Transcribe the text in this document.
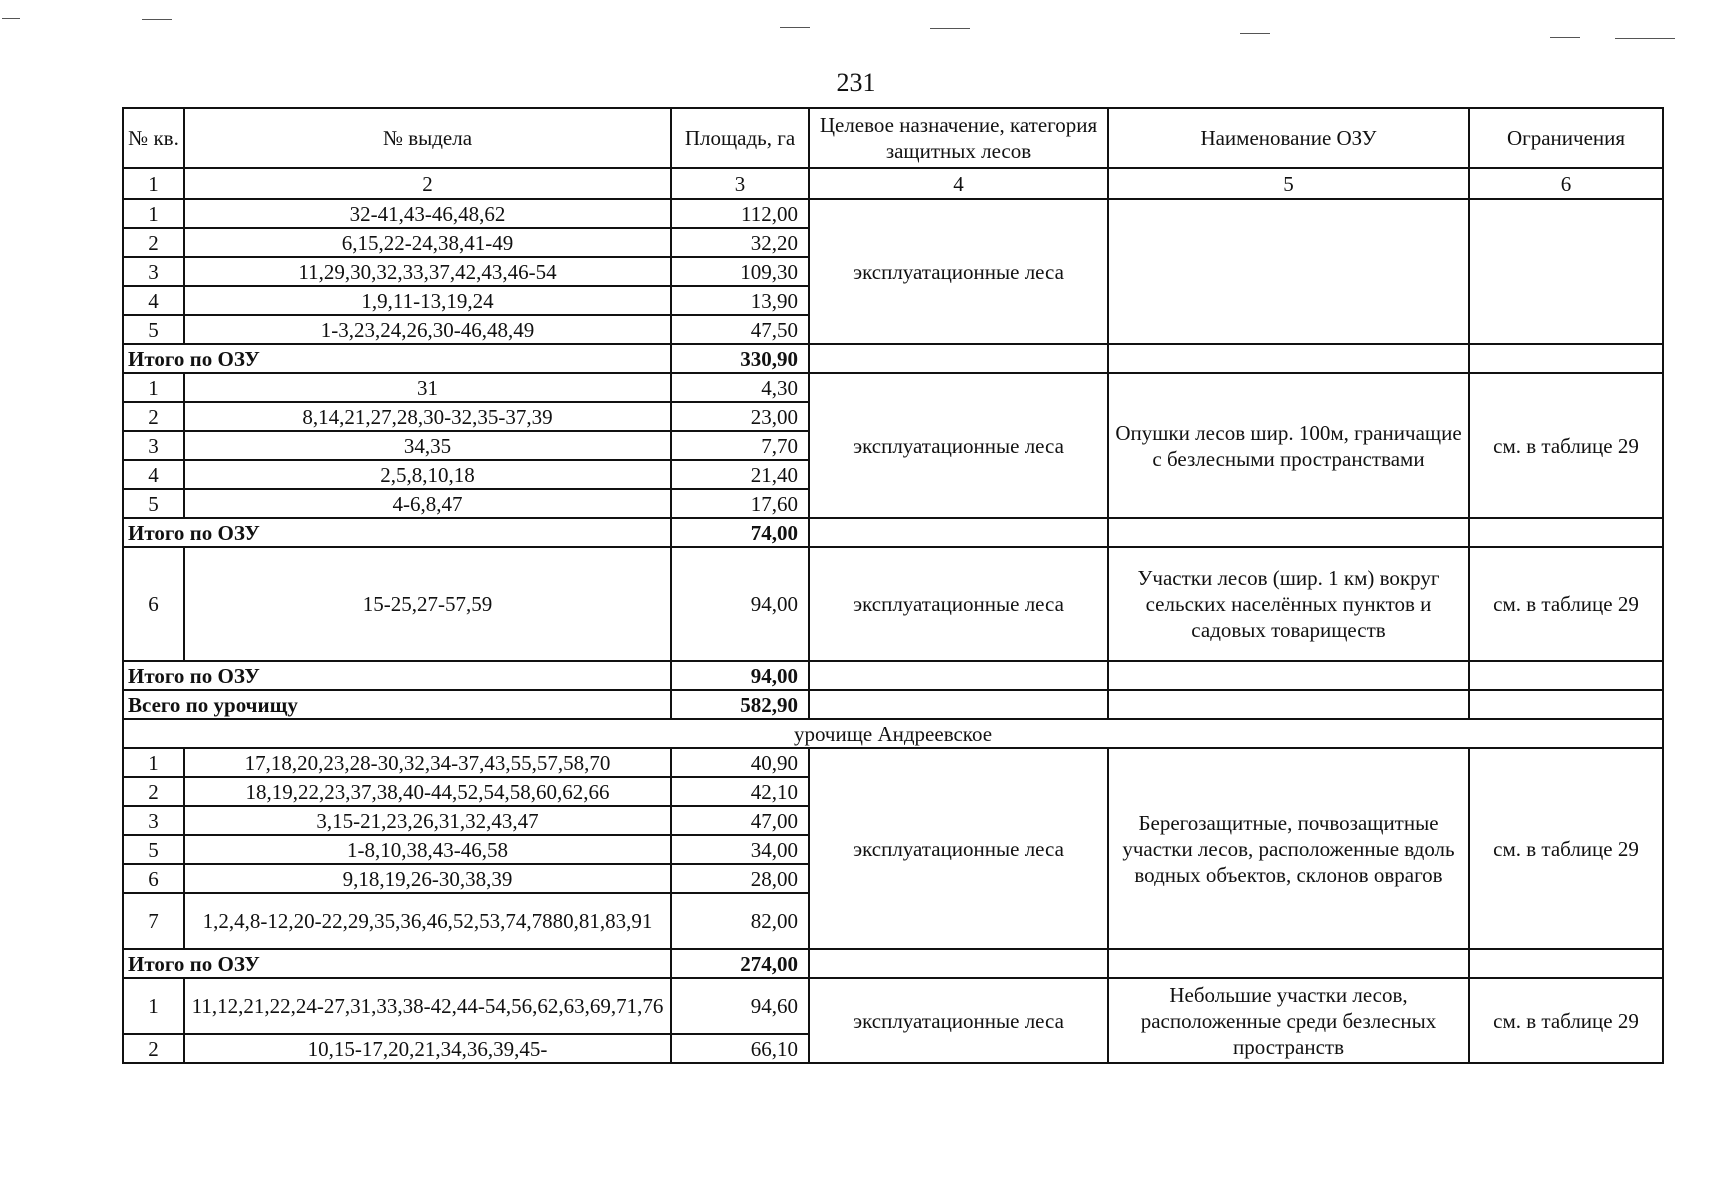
231
№ кв.	№ выдела	Площадь, га	Целевое назначение, категория защитных лесов	Наименование ОЗУ	Ограничения
1	2	3	4	5	6
1	32-41,43-46,48,62	112,00	эксплуатационные леса		
2	6,15,22-24,38,41-49	32,20			
3	11,29,30,32,33,37,42,43,46-54	109,30			
4	1,9,11-13,19,24	13,90			
5	1-3,23,24,26,30-46,48,49	47,50			
Итого по ОЗУ		330,90			
1	31	4,30	эксплуатационные леса	Опушки лесов шир. 100м, граничащие с безлесными пространствами	см. в таблице 29
2	8,14,21,27,28,30-32,35-37,39	23,00			
3	34,35	7,70			
4	2,5,8,10,18	21,40			
5	4-6,8,47	17,60			
Итого по ОЗУ		74,00			
6	15-25,27-57,59	94,00	эксплуатационные леса	Участки лесов (шир. 1 км) вокруг сельских населённых пунктов и садовых товариществ	см. в таблице 29
Итого по ОЗУ		94,00			
Всего по урочищу		582,90			
урочище Андреевское					
1	17,18,20,23,28-30,32,34-37,43,55,57,58,70	40,90	эксплуатационные леса	Берегозащитные, почвозащитные участки лесов, расположенные вдоль водных объектов, склонов оврагов	см. в таблице 29
2	18,19,22,23,37,38,40-44,52,54,58,60,62,66	42,10			
3	3,15-21,23,26,31,32,43,47	47,00			
5	1-8,10,38,43-46,58	34,00			
6	9,18,19,26-30,38,39	28,00			
7	1,2,4,8-12,20-22,29,35,36,46,52,53,74,7880,81,83,91	82,00			
Итого по ОЗУ		274,00			
1	11,12,21,22,24-27,31,33,38-42,44-54,56,62,63,69,71,76	94,60	эксплуатационные леса	Небольшие участки лесов, расположенные среди безлесных пространств	см. в таблице 29
2	10,15-17,20,21,34,36,39,45-	66,10			
